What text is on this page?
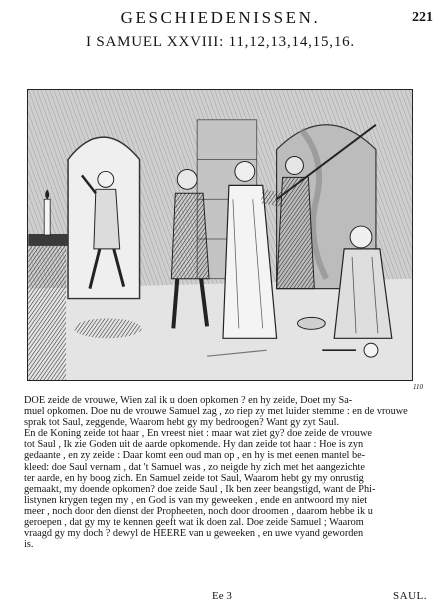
GESCHIEDENISSEN.	221
I SAMUEL XXVIII: 11,12,13,14,15,16.
110
DOE zeide de vrouwe, Wien zal ik u doen opkomen ? en hy zeide, Doet my Sa-
muel opkomen. Doe nu de vrouwe Samuel zag , zo riep zy met luider stemme : en de vrouwe
sprak tot Saul, zeggende, Waarom hebt gy my bedroogen? Want gy zyt Saul.
En de Koning zeide tot haar , En vreest niet : maar wat ziet gy? doe zeide de vrouwe
tot Saul , Ik zie Goden uit de aarde opkomende. Hy dan zeide tot haar : Hoe is zyn
gedaante , en zy zeide : Daar komt een oud man op , en hy is met eenen mantel be-
kleed: doe Saul vernam , dat 't Samuel was , zo neigde hy zich met het aangezichte
ter aarde, en hy boog zich. En Samuel zeide tot Saul, Waarom hebt gy my onrustig
gemaakt, my doende opkomen? doe zeide Saul , Ik ben zeer beangstigd, want de Phi-
listynen krygen tegen my , en God is van my geweeken , ende en antwoord my niet
meer , noch door den dienst der Propheeten, noch door droomen , daarom hebbe ik u
geroepen , dat gy my te kennen geeft wat ik doen zal. Doe zeide Samuel ; Waarom
vraagd gy my doch ? dewyl de HEERE van u geweeken , en uwe vyand geworden
is.
Ee 3	SAUL.
